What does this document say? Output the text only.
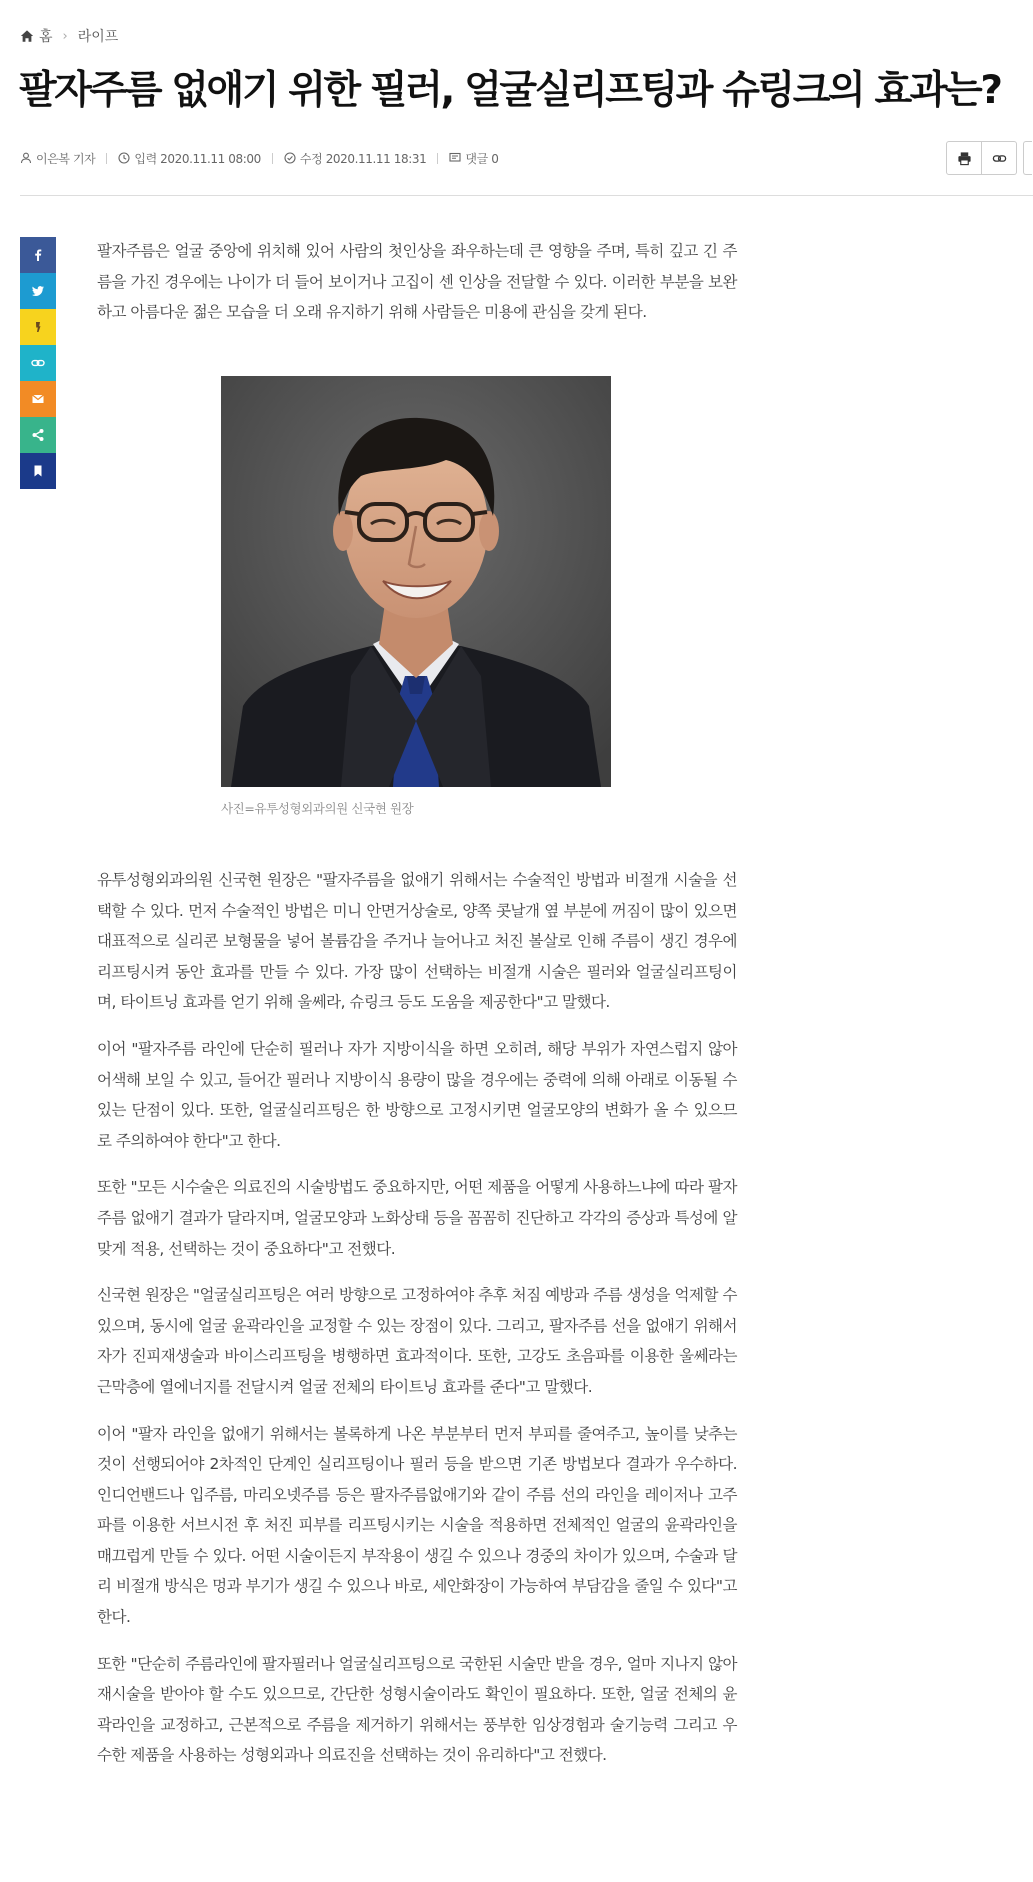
홈 › 라이프
팔자주름 없애기 위한 필러, 얼굴실리프팅과 슈링크의 효과는?
이은복 기자	입력 2020.11.11 08:00	수정 2020.11.11 18:31	댓글 0

팔자주름은 얼굴 중앙에 위치해 있어 사람의 첫인상을 좌우하는데 큰 영향을 주며, 특히 깊고 긴 주름을 가진 경우에는 나이가 더 들어 보이거나 고집이 센 인상을 전달할 수 있다. 이러한 부분을 보완하고 아름다운 젊은 모습을 더 오래 유지하기 위해 사람들은 미용에 관심을 갖게 된다.

사진=유투성형외과의원 신국현 원장

유투성형외과의원 신국현 원장은 "팔자주름을 없애기 위해서는 수술적인 방법과 비절개 시술을 선택할 수 있다. 먼저 수술적인 방법은 미니 안면거상술로, 양쪽 콧날개 옆 부분에 꺼짐이 많이 있으면 대표적으로 실리콘 보형물을 넣어 볼륨감을 주거나 늘어나고 처진 볼살로 인해 주름이 생긴 경우에 리프팅시켜 동안 효과를 만들 수 있다. 가장 많이 선택하는 비절개 시술은 필러와 얼굴실리프팅이며, 타이트닝 효과를 얻기 위해 울쎄라, 슈링크 등도 도움을 제공한다"고 말했다.

이어 "팔자주름 라인에 단순히 필러나 자가 지방이식을 하면 오히려, 해당 부위가 자연스럽지 않아 어색해 보일 수 있고, 들어간 필러나 지방이식 용량이 많을 경우에는 중력에 의해 아래로 이동될 수 있는 단점이 있다. 또한, 얼굴실리프팅은 한 방향으로 고정시키면 얼굴모양의 변화가 올 수 있으므로 주의하여야 한다"고 한다.

또한 "모든 시수술은 의료진의 시술방법도 중요하지만, 어떤 제품을 어떻게 사용하느냐에 따라 팔자주름 없애기 결과가 달라지며, 얼굴모양과 노화상태 등을 꼼꼼히 진단하고 각각의 증상과 특성에 알맞게 적용, 선택하는 것이 중요하다"고 전했다.

신국현 원장은 "얼굴실리프팅은 여러 방향으로 고정하여야 추후 처짐 예방과 주름 생성을 억제할 수 있으며, 동시에 얼굴 윤곽라인을 교정할 수 있는 장점이 있다. 그리고, 팔자주름 선을 없애기 위해서 자가 진피재생술과 바이스리프팅을 병행하면 효과적이다. 또한, 고강도 초음파를 이용한 울쎄라는 근막층에 열에너지를 전달시켜 얼굴 전체의 타이트닝 효과를 준다"고 말했다.

이어 "팔자 라인을 없애기 위해서는 볼록하게 나온 부분부터 먼저 부피를 줄여주고, 높이를 낮추는 것이 선행되어야 2차적인 단계인 실리프팅이나 필러 등을 받으면 기존 방법보다 결과가 우수하다. 인디언밴드나 입주름, 마리오넷주름 등은 팔자주름없애기와 같이 주름 선의 라인을 레이저나 고주파를 이용한 서브시전 후 처진 피부를 리프팅시키는 시술을 적용하면 전체적인 얼굴의 윤곽라인을 매끄럽게 만들 수 있다. 어떤 시술이든지 부작용이 생길 수 있으나 경중의 차이가 있으며, 수술과 달리 비절개 방식은 멍과 부기가 생길 수 있으나 바로, 세안화장이 가능하여 부담감을 줄일 수 있다"고 한다.

또한 "단순히 주름라인에 팔자필러나 얼굴실리프팅으로 국한된 시술만 받을 경우, 얼마 지나지 않아 재시술을 받아야 할 수도 있으므로, 간단한 성형시술이라도 확인이 필요하다. 또한, 얼굴 전체의 윤곽라인을 교정하고, 근본적으로 주름을 제거하기 위해서는 풍부한 임상경험과 술기능력 그리고 우수한 제품을 사용하는 성형외과나 의료진을 선택하는 것이 유리하다"고 전했다.
